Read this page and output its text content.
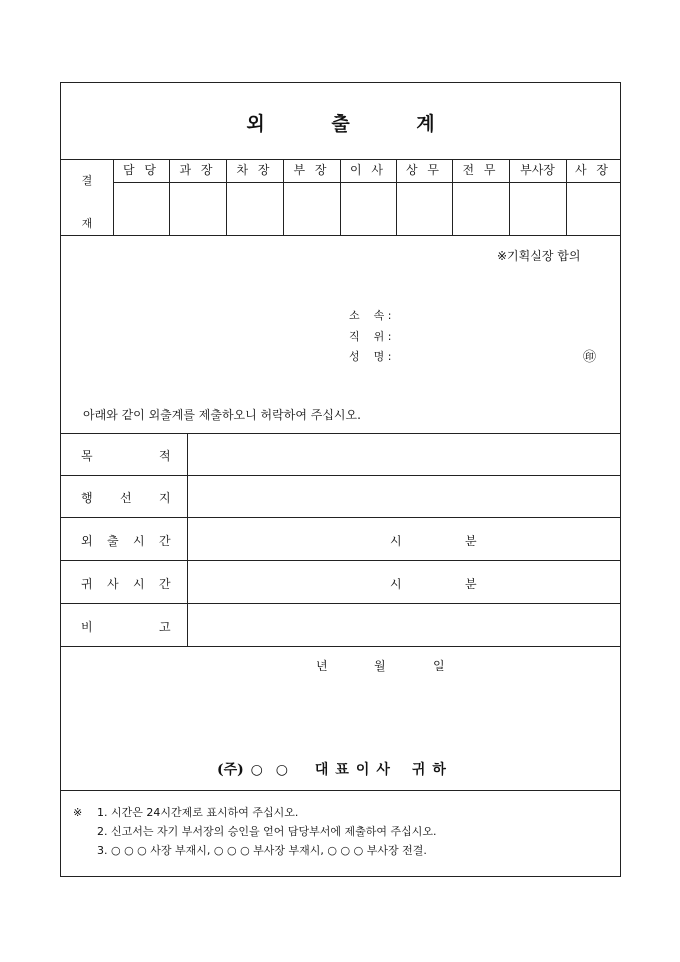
외	출	계
결
재
담 당	과 장	차 장	부 장	이 사	상 무	전 무	부사장	사 장
※기획실장 합의
소    속 :
직    위 :
성    명 :	㊞
아래와 같이 외출계를 제출하오니 허락하여 주십시오.
목	적
행 선 지
외 출 시 간	시	분
귀 사 시 간	시	분
비	고
년	월	일
(주) ○ ○ 대표이사 귀하
※ 1. 시간은 24시간제로 표시하여 주십시오.
2. 신고서는 자기 부서장의 승인을 얻어 담당부서에 제출하여 주십시오.
3. ○ ○ ○ 사장 부재시, ○ ○ ○ 부사장 부재시, ○ ○ ○ 부사장 전결.
